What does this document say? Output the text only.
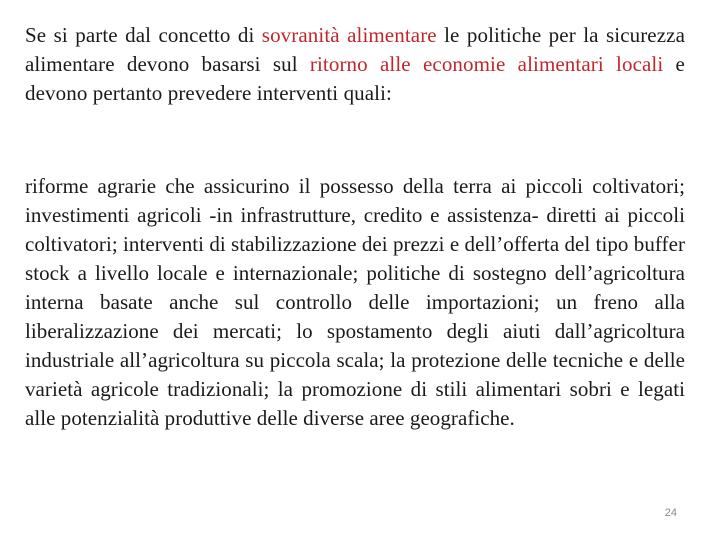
Se si parte dal concetto di sovranità alimentare le politiche per la sicurezza alimentare devono basarsi sul ritorno alle economie alimentari locali e devono pertanto prevedere interventi quali:

riforme agrarie che assicurino il possesso della terra ai piccoli coltivatori; investimenti agricoli -in infrastrutture, credito e assistenza- diretti ai piccoli coltivatori; interventi di stabilizzazione dei prezzi e dell’offerta del tipo buffer stock a livello locale e internazionale; politiche di sostegno dell’agricoltura interna basate anche sul controllo delle importazioni; un freno alla liberalizzazione dei mercati; lo spostamento degli aiuti dall’agricoltura industriale all’agricoltura su piccola scala; la protezione delle tecniche e delle varietà agricole tradizionali; la promozione di stili alimentari sobri e legati alle potenzialità produttive delle diverse aree geografiche.

24
